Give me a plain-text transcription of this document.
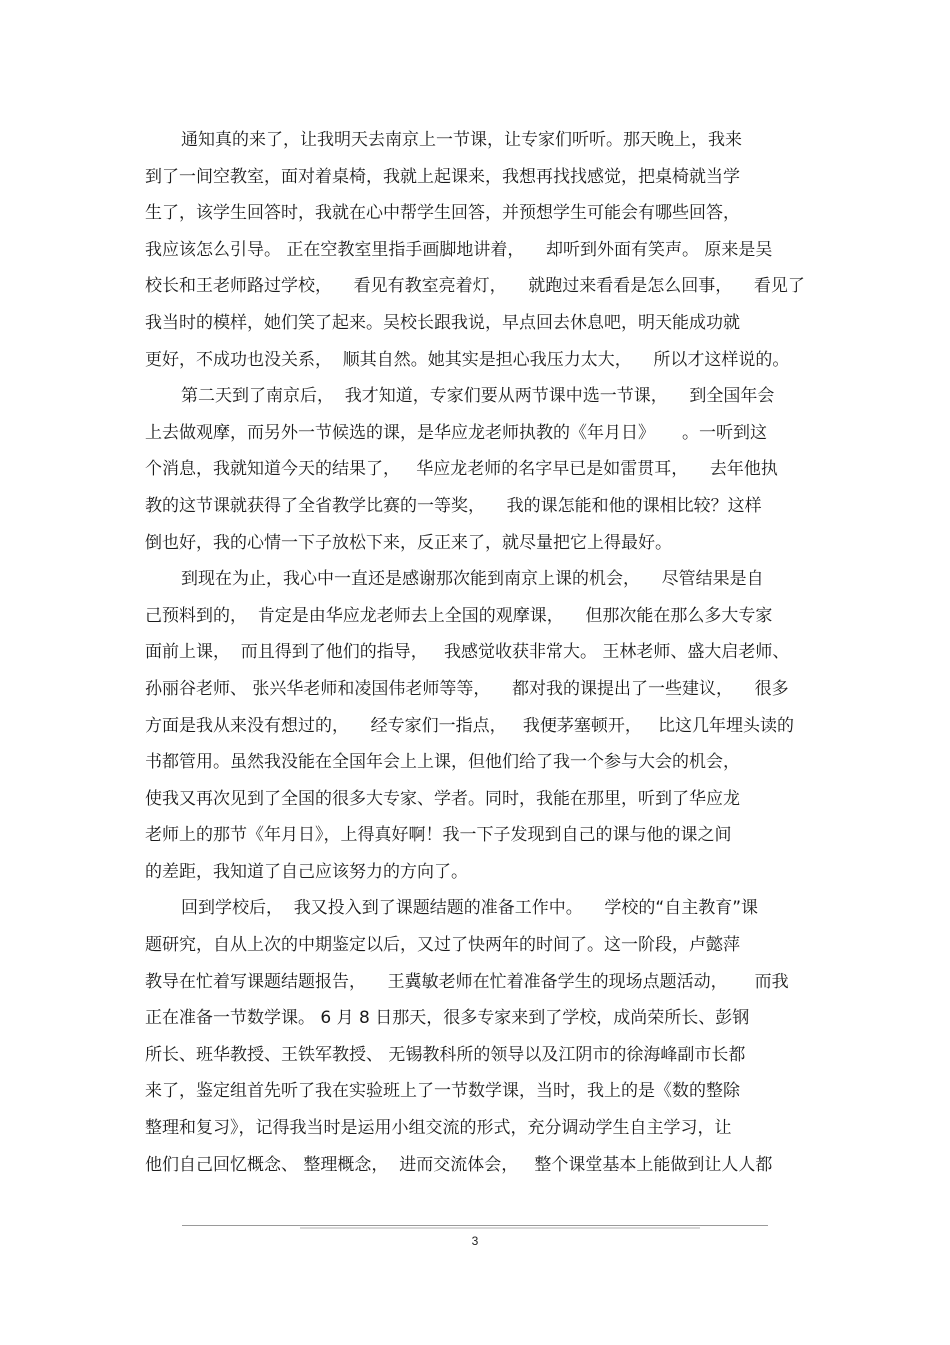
通知真的来了，让我明天去南京上一节课，让专家们听听。那天晚上，我来
到了一间空教室，面对着桌椅，我就上起课来，我想再找找感觉，把桌椅就当学
生了，该学生回答时，我就在心中帮学生回答，并预想学生可能会有哪些回答，
我应该怎么引导。 正在空教室里指手画脚地讲着，    却听到外面有笑声。 原来是吴
校长和王老师路过学校，    看见有教室亮着灯，    就跑过来看看是怎么回事，    看见了
我当时的模样，她们笑了起来。吴校长跟我说，早点回去休息吧，明天能成功就
更好，不成功也没关系，  顺其自然。她其实是担心我压力太大，    所以才这样说的。
第二天到了南京后，  我才知道，专家们要从两节课中选一节课，    到全国年会
上去做观摩，而另外一节候选的课，是华应龙老师执教的《年月日》     。一听到这
个消息，我就知道今天的结果了，   华应龙老师的名字早已是如雷贯耳，    去年他执
教的这节课就获得了全省教学比赛的一等奖，    我的课怎能和他的课相比较？这样
倒也好，我的心情一下子放松下来，反正来了，就尽量把它上得最好。
到现在为止，我心中一直还是感谢那次能到南京上课的机会，    尽管结果是自
己预料到的，  肯定是由华应龙老师去上全国的观摩课，    但那次能在那么多大专家
面前上课，  而且得到了他们的指导，   我感觉收获非常大。 王林老师、盛大启老师、
孙丽谷老师、 张兴华老师和凌国伟老师等等，    都对我的课提出了一些建议，    很多
方面是我从来没有想过的，    经专家们一指点，   我便茅塞顿开，   比这几年埋头读的
书都管用。虽然我没能在全国年会上上课，但他们给了我一个参与大会的机会，
使我又再次见到了全国的很多大专家、学者。同时，我能在那里，听到了华应龙
老师上的那节《年月日》，上得真好啊！我一下子发现到自己的课与他的课之间
的差距，我知道了自己应该努力的方向了。
回到学校后，  我又投入到了课题结题的准备工作中。    学校的“自主教育”课
题研究，自从上次的中期鉴定以后，又过了快两年的时间了。这一阶段，卢懿萍
教导在忙着写课题结题报告，    王冀敏老师在忙着准备学生的现场点题活动，     而我
正在准备一节数学课。 6 月 8 日那天，很多专家来到了学校，成尚荣所长、彭钢
所长、班华教授、王铁军教授、 无锡教科所的领导以及江阴市的徐海峰副市长都
来了，鉴定组首先听了我在实验班上了一节数学课，当时，我上的是《数的整除
整理和复习》，记得我当时是运用小组交流的形式，充分调动学生自主学习，让
他们自己回忆概念、 整理概念，  进而交流体会，   整个课堂基本上能做到让人人都
3
